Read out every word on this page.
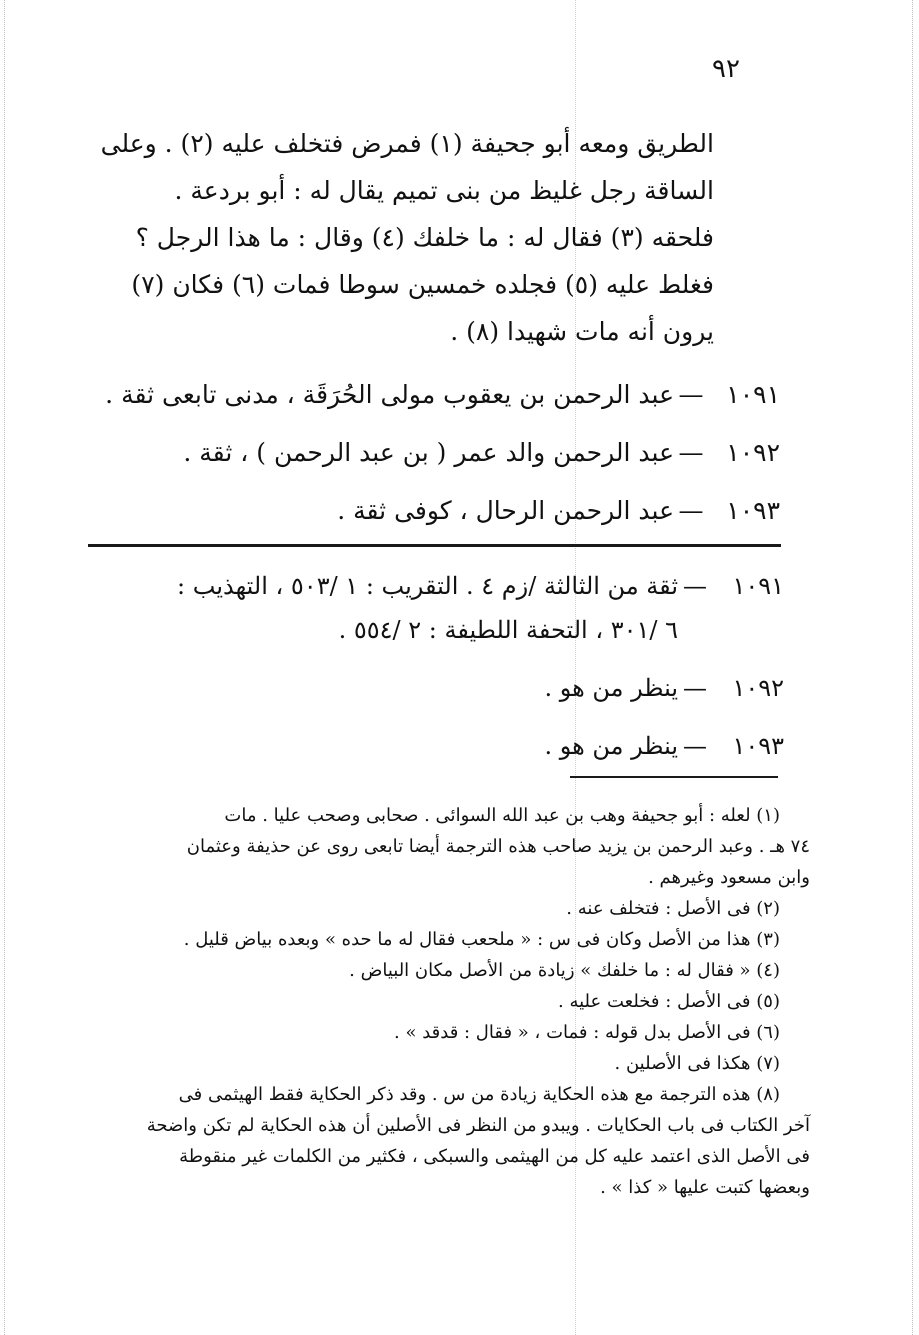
٩٢

الطريق ومعه أبو جحيفة (١) فمرض فتخلف عليه (٢) . وعلى

الساقة رجل غليظ من بنى تميم يقال له : أبو بردعة .

فلحقه (٣) فقال له : ما خلفك (٤) وقال : ما هذا الرجل ؟

فغلط عليه (٥) فجلده خمسين سوطا فمات (٦) فكان (٧)

يرون أنه مات شهيدا (٨) .

١٠٩١
—
عبد الرحمن بن يعقوب مولى الحُرَقَة ، مدنى تابعى ثقة .
١٠٩٢
—
عبد الرحمن والد عمر ( بن عبد الرحمن ) ، ثقة .
١٠٩٣
—
عبد الرحمن الرحال ، كوفى ثقة .
١٠٩١—ثقة من الثالثة /زم ٤ . التقريب : ١ /٥٠٣ ، التهذيب :
٦ /٣٠١ ، التحفة اللطيفة : ٢ /٥٥٤ .
١٠٩٢—ينظر من هو .
١٠٩٣—ينظر من هو .
(١) لعله : أبو جحيفة وهب بن عبد الله السوائى . صحابى وصحب عليا . مات
٧٤ هـ . وعبد الرحمن بن يزيد صاحب هذه الترجمة أيضا تابعى روى عن حذيفة وعثمان
وابن مسعود وغيرهم .
(٢) فى الأصل : فتخلف عنه .
(٣) هذا من الأصل وكان فى س : « ملحعب فقال له ما حده » وبعده بياض قليل .
(٤) « فقال له : ما خلفك » زيادة من الأصل مكان البياض .
(٥) فى الأصل : فخلعت عليه .
(٦) فى الأصل بدل قوله : فمات ، « فقال : قدقد » .
(٧) هكذا فى الأصلين .
(٨) هذه الترجمة مع هذه الحكاية زيادة من س . وقد ذكر الحكاية فقط الهيثمى فى
آخر الكتاب فى باب الحكايات . ويبدو من النظر فى الأصلين أن هذه الحكاية لم تكن واضحة
فى الأصل الذى اعتمد عليه كل من الهيثمى والسبكى ، فكثير من الكلمات غير منقوطة
وبعضها كتبت عليها « كذا » .
